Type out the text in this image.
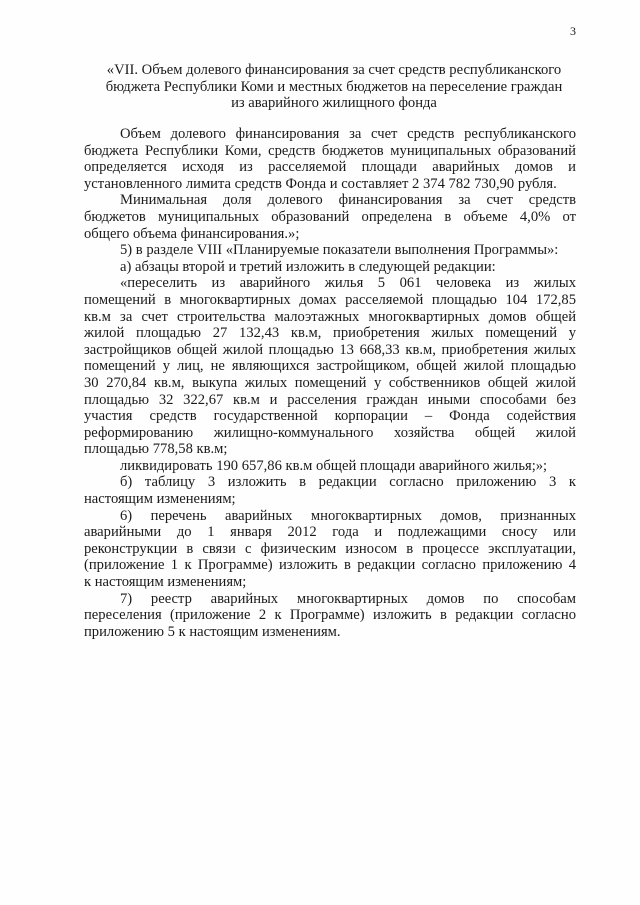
3
«VII. Объем долевого финансирования за счет средств республиканского
бюджета Республики Коми и местных бюджетов на переселение граждан
из аварийного жилищного фонда

Объем долевого финансирования за счет средств республиканского
бюджета Республики Коми, средств бюджетов муниципальных образований
определяется исходя из расселяемой площади аварийных домов и
установленного лимита средств Фонда и составляет 2 374 782 730,90 рубля.

Минимальная доля долевого финансирования за счет средств
бюджетов муниципальных образований определена в объеме 4,0% от
общего объема финансирования.»;

5) в разделе VIII «Планируемые показатели выполнения Программы»:

а) абзацы второй и третий изложить в следующей редакции:

«переселить из аварийного жилья 5 061 человека из жилых
помещений в многоквартирных домах расселяемой площадью 104 172,85
кв.м за счет строительства малоэтажных многоквартирных домов общей
жилой площадью 27 132,43 кв.м, приобретения жилых помещений у
застройщиков общей жилой площадью 13 668,33 кв.м, приобретения жилых
помещений у лиц, не являющихся застройщиком, общей жилой площадью
30 270,84 кв.м, выкупа жилых помещений у собственников общей жилой
площадью 32 322,67 кв.м и расселения граждан иными способами без
участия средств государственной корпорации – Фонда содействия
реформированию жилищно-коммунального хозяйства общей жилой
площадью 778,58 кв.м;

ликвидировать 190 657,86 кв.м общей площади аварийного жилья;»;

б) таблицу 3 изложить в редакции согласно приложению 3 к
настоящим изменениям;

6) перечень аварийных многоквартирных домов, признанных
аварийными до 1 января 2012 года и подлежащими сносу или
реконструкции в связи с физическим износом в процессе эксплуатации,
(приложение 1 к Программе) изложить в редакции согласно приложению 4
к настоящим изменениям;

7) реестр аварийных многоквартирных домов по способам
переселения (приложение 2 к Программе) изложить в редакции согласно
приложению 5 к настоящим изменениям.
